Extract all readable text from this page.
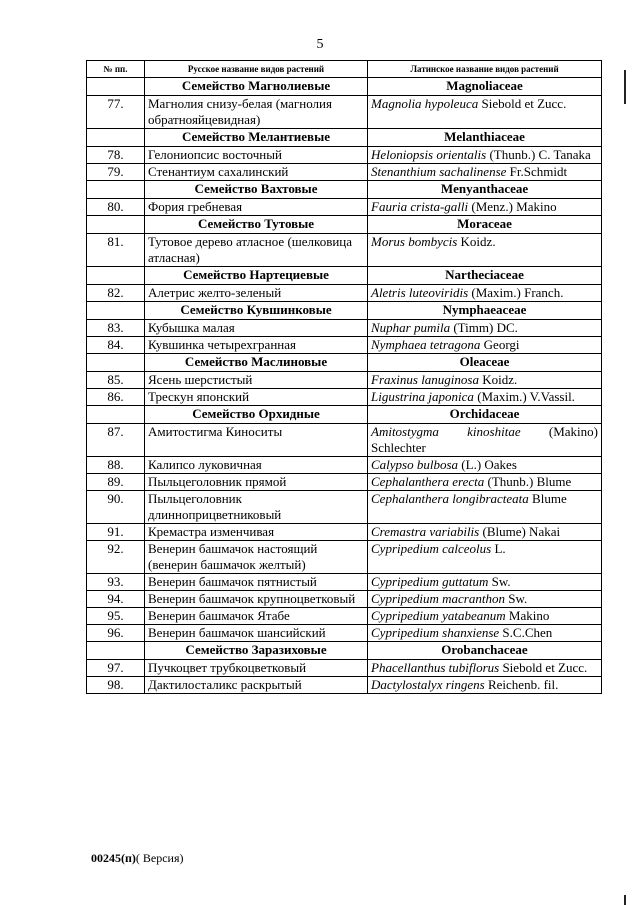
5
№ пп.	Русское название видов растений	Латинское название видов растений
	Семейство Магнолиевые	Magnoliaceae
77.	Магнолия снизу-белая (магнолия обратнояйцевидная)	Magnolia hypoleuca Siebold et Zucc.
	Семейство Мелантиевые	Melanthiaceae
78.	Гелониопсис восточный	Heloniopsis orientalis (Thunb.) C. Tanaka
79.	Стенантиум сахалинский	Stenanthium sachalinense Fr.Schmidt
	Семейство Вахтовые	Menyanthaceae
80.	Фория гребневая	Fauria crista-galli (Menz.) Makino
	Семейство Тутовые	Moraceae
81.	Тутовое дерево атласное (шелковица атласная)	Morus bombycis Koidz.
	Семейство Нартециевые	Nartheciaceae
82.	Алетрис желто-зеленый	Aletris luteoviridis (Maxim.) Franch.
	Семейство Кувшинковые	Nymphaeaceae
83.	Кубышка малая	Nuphar pumila (Timm) DC.
84.	Кувшинка четырехгранная	Nymphaea tetragona Georgi
	Семейство Маслиновые	Oleaceae
85.	Ясень шерстистый	Fraxinus lanuginosa Koidz.
86.	Трескун японский	Ligustrina japonica (Maxim.) V.Vassil.
	Семейство Орхидные	Orchidaceae
87.	Амитостигма Киноситы	Amitostygma kinoshitae (Makino) Schlechter
88.	Калипсо луковичная	Calypso bulbosa (L.) Oakes
89.	Пыльцеголовник прямой	Cephalanthera erecta (Thunb.) Blume
90.	Пыльцеголовник длиннoприцветниковый	Cephalanthera longibracteata Blume
91.	Кремастра изменчивая	Cremastra variabilis (Blume) Nakai
92.	Венерин башмачок настоящий (венерин башмачок желтый)	Cypripedium calceolus L.
93.	Венерин башмачок пятнистый	Cypripedium guttatum Sw.
94.	Венерин башмачок крупноцветковый	Cypripedium macranthon Sw.
95.	Венерин башмачок Ятабе	Cypripedium yatabeanum Makino
96.	Венерин башмачок шансийский	Cypripedium shanxiense S.C.Chen
	Семейство Заразиховые	Orobanchaceae
97.	Пучкоцвет трубкоцветковый	Phacellanthus tubiflorus Siebold et Zucc.
98.	Дактилосталикс раскрытый	Dactylostalyx ringens Reichenb. fil.
00245(п)( Версия)
